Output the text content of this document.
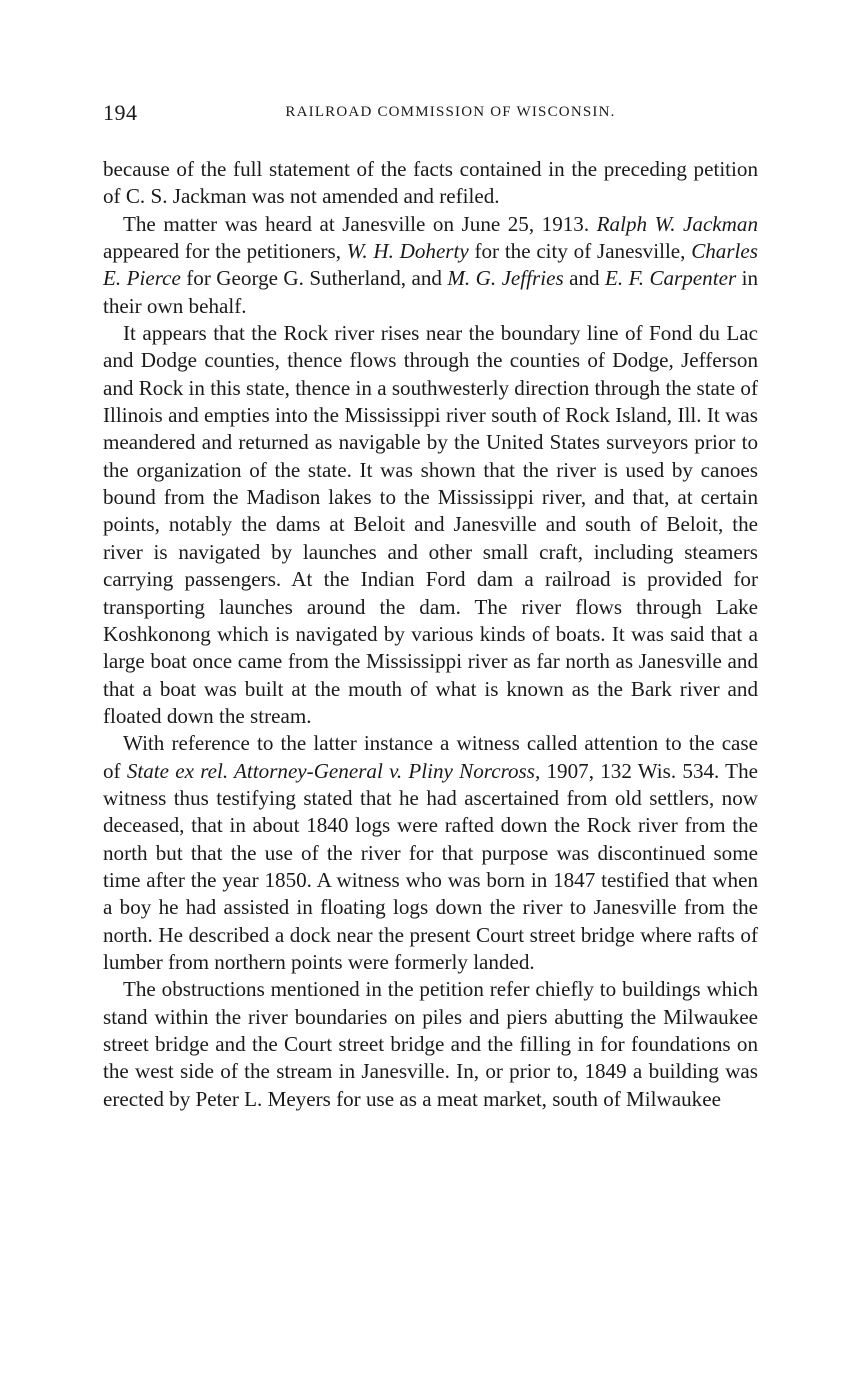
194	RAILROAD COMMISSION OF WISCONSIN.

because of the full statement of the facts contained in the preceding petition of C. S. Jackman was not amended and refiled.

The matter was heard at Janesville on June 25, 1913. Ralph W. Jackman appeared for the petitioners, W. H. Doherty for the city of Janesville, Charles E. Pierce for George G. Sutherland, and M. G. Jeffries and E. F. Carpenter in their own behalf.

It appears that the Rock river rises near the boundary line of Fond du Lac and Dodge counties, thence flows through the counties of Dodge, Jefferson and Rock in this state, thence in a southwesterly direction through the state of Illinois and empties into the Mississippi river south of Rock Island, Ill. It was meandered and returned as navigable by the United States surveyors prior to the organization of the state. It was shown that the river is used by canoes bound from the Madison lakes to the Mississippi river, and that, at certain points, notably the dams at Beloit and Janesville and south of Beloit, the river is navigated by launches and other small craft, including steamers carrying passengers. At the Indian Ford dam a railroad is provided for transporting launches around the dam. The river flows through Lake Koshkonong which is navigated by various kinds of boats. It was said that a large boat once came from the Mississippi river as far north as Janesville and that a boat was built at the mouth of what is known as the Bark river and floated down the stream.

With reference to the latter instance a witness called attention to the case of State ex rel. Attorney-General v. Pliny Norcross, 1907, 132 Wis. 534. The witness thus testifying stated that he had ascertained from old settlers, now deceased, that in about 1840 logs were rafted down the Rock river from the north but that the use of the river for that purpose was discontinued some time after the year 1850. A witness who was born in 1847 testified that when a boy he had assisted in floating logs down the river to Janesville from the north. He described a dock near the present Court street bridge where rafts of lumber from northern points were formerly landed.

The obstructions mentioned in the petition refer chiefly to buildings which stand within the river boundaries on piles and piers abutting the Milwaukee street bridge and the Court street bridge and the filling in for foundations on the west side of the stream in Janesville. In, or prior to, 1849 a building was erected by Peter L. Meyers for use as a meat market, south of Milwaukee
